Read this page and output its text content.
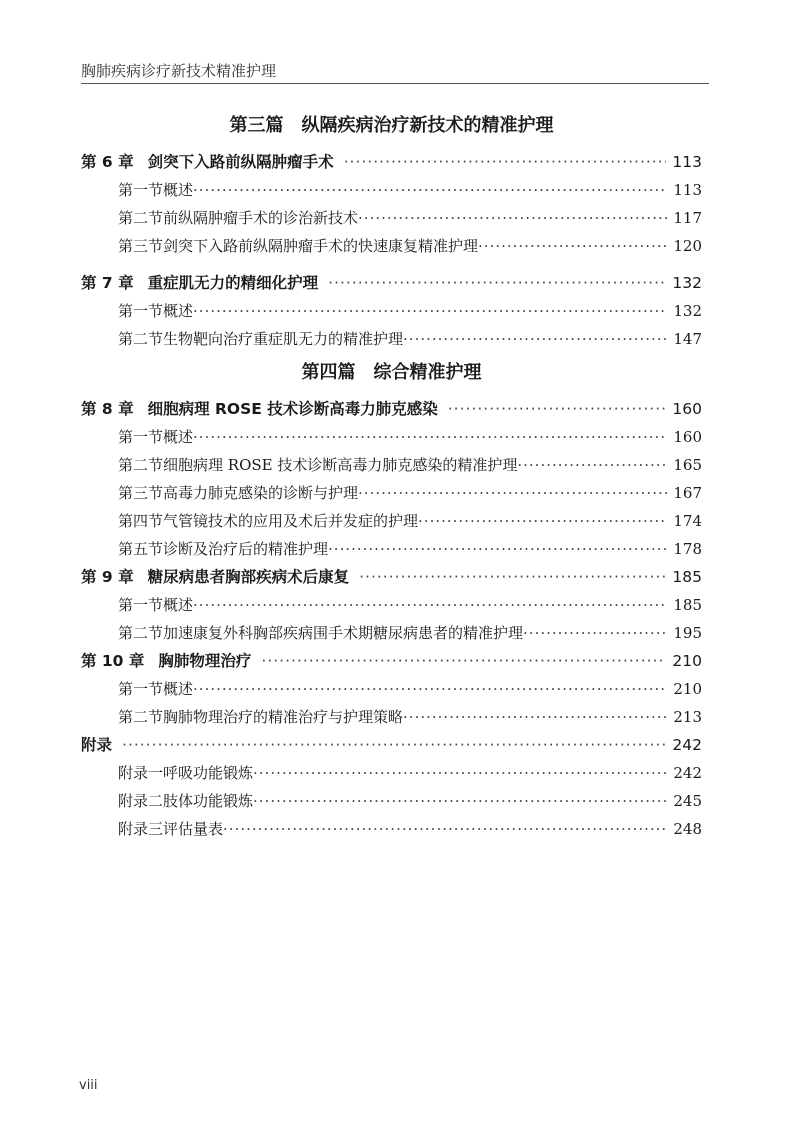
胸肺疾病诊疗新技术精准护理
第三篇　纵隔疾病治疗新技术的精准护理
第 6 章 剑突下入路前纵隔肿瘤手术 ·····	113
第一节 概述 ·····	113
第二节 前纵隔肿瘤手术的诊治新技术 ·····	117
第三节 剑突下入路前纵隔肿瘤手术的快速康复精准护理 ·····	120
第 7 章 重症肌无力的精细化护理 ·····	132
第一节 概述 ·····	132
第二节 生物靶向治疗重症肌无力的精准护理 ·····	147
第四篇　综合精准护理
第 8 章 细胞病理 ROSE 技术诊断高毒力肺克感染 ·····	160
第一节 概述 ·····	160
第二节 细胞病理 ROSE 技术诊断高毒力肺克感染的精准护理 ·····	165
第三节 高毒力肺克感染的诊断与护理 ·····	167
第四节 气管镜技术的应用及术后并发症的护理 ·····	174
第五节 诊断及治疗后的精准护理 ·····	178
第 9 章 糖尿病患者胸部疾病术后康复 ·····	185
第一节 概述 ·····	185
第二节 加速康复外科胸部疾病围手术期糖尿病患者的精准护理 ·····	195
第 10 章 胸肺物理治疗 ·····	210
第一节 概述 ·····	210
第二节 胸肺物理治疗的精准治疗与护理策略 ·····	213
附录 ·····	242
附录一 呼吸功能锻炼 ·····	242
附录二 肢体功能锻炼 ·····	245
附录三 评估量表 ·····	248
viii
